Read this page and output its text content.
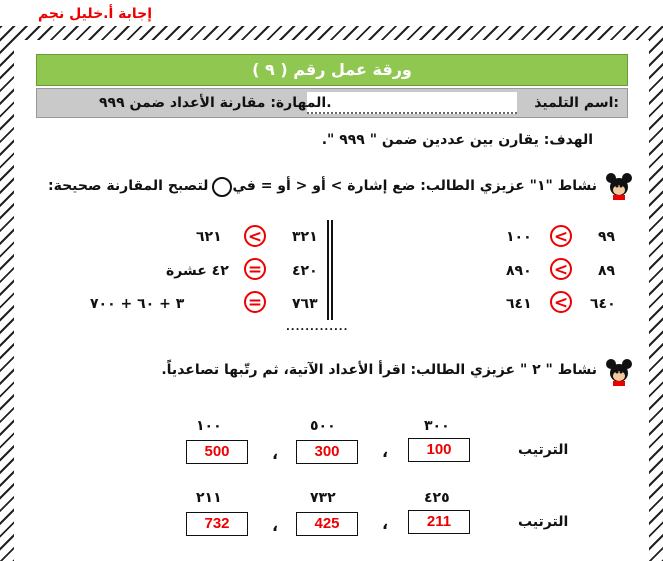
إجابة أ.خليل نجم
ورقة عمل رقم ( ٩ )
اسم التلميذ:
المهارة: مقارنة الأعداد ضمن ٩٩٩.
الهدف: يقارن بين عددين ضمن " ٩٩٩ ".
نشاط "١" عزيزي الطالب: ضع إشارة > أو < أو = في
لتصبح المقارنة صحيحة:
٩٩
<
١٠٠
٨٩
<
٨٩٠
٦٤٠
<
٦٤١
٣٢١
<
٦٢١
٤٢٠
=
٤٢ عشرة
٧٦٣
=
٣ + ٦٠ + ٧٠٠
.............
نشاط " ٢ " عزيزي الطالب: اقرأ الأعداد الآتية، ثم رتّبها تصاعدياً.
٣٠٠
٥٠٠
١٠٠
الترتيب
100
،
300
،
500
٤٢٥
٧٣٢
٢١١
الترتيب
211
،
425
،
732
